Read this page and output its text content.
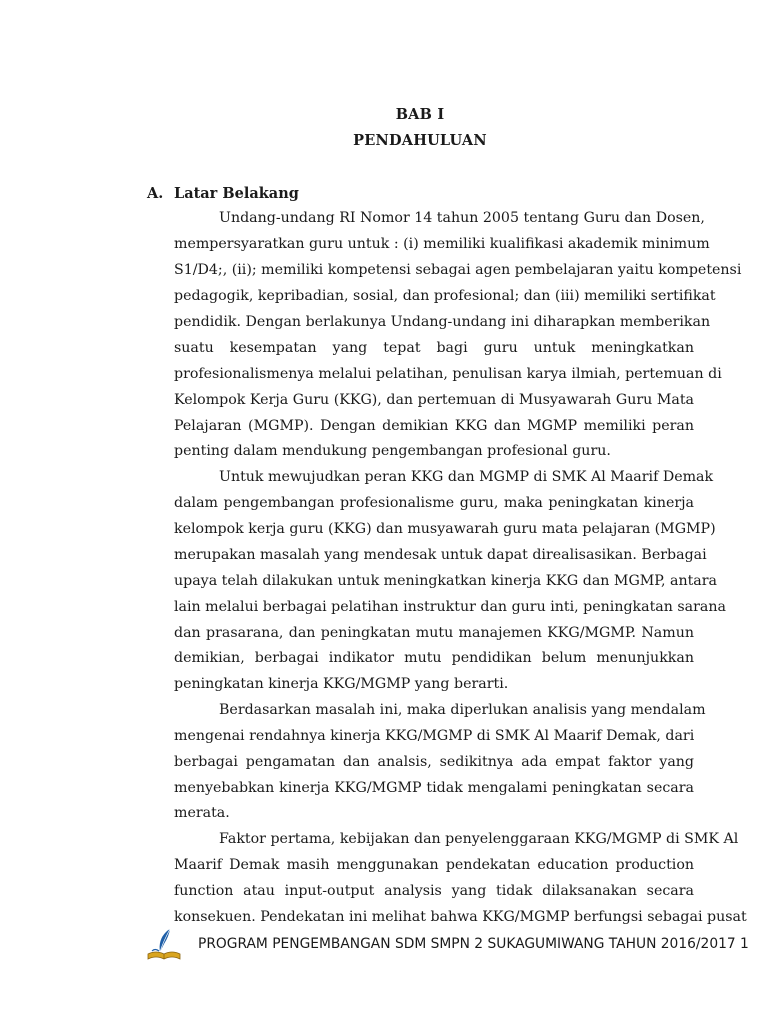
BAB I
PENDAHULUAN
A. Latar Belakang
Undang-undang RI Nomor 14 tahun 2005 tentang Guru dan Dosen,
mempersyaratkan guru untuk : (i) memiliki kualifikasi akademik minimum
S1/D4;, (ii); memiliki kompetensi sebagai agen pembelajaran yaitu kompetensi
pedagogik, kepribadian, sosial, dan profesional; dan (iii) memiliki sertifikat
pendidik. Dengan berlakunya Undang-undang ini diharapkan memberikan
suatu kesempatan yang tepat bagi guru untuk meningkatkan
profesionalismenya melalui pelatihan, penulisan karya ilmiah, pertemuan di
Kelompok Kerja Guru (KKG), dan pertemuan di Musyawarah Guru Mata
Pelajaran (MGMP). Dengan demikian KKG dan MGMP memiliki peran
penting dalam mendukung pengembangan profesional guru.
Untuk mewujudkan peran KKG dan MGMP di SMK Al Maarif Demak
dalam pengembangan profesionalisme guru, maka peningkatan kinerja
kelompok kerja guru (KKG) dan musyawarah guru mata pelajaran (MGMP)
merupakan masalah yang mendesak untuk dapat direalisasikan. Berbagai
upaya telah dilakukan untuk meningkatkan kinerja KKG dan MGMP, antara
lain melalui berbagai pelatihan instruktur dan guru inti, peningkatan sarana
dan prasarana, dan peningkatan mutu manajemen KKG/MGMP. Namun
demikian, berbagai indikator mutu pendidikan belum menunjukkan
peningkatan kinerja KKG/MGMP yang berarti.
Berdasarkan masalah ini, maka diperlukan analisis yang mendalam
mengenai rendahnya kinerja KKG/MGMP di SMK Al Maarif Demak, dari
berbagai pengamatan dan analsis, sedikitnya ada empat faktor yang
menyebabkan kinerja KKG/MGMP tidak mengalami peningkatan secara
merata.
Faktor pertama, kebijakan dan penyelenggaraan KKG/MGMP di SMK Al
Maarif Demak masih menggunakan pendekatan education production
function atau input-output analysis yang tidak dilaksanakan secara
konsekuen. Pendekatan ini melihat bahwa KKG/MGMP berfungsi sebagai pusat
PROGRAM PENGEMBANGAN SDM SMPN 2 SUKAGUMIWANG TAHUN 2016/2017 1
